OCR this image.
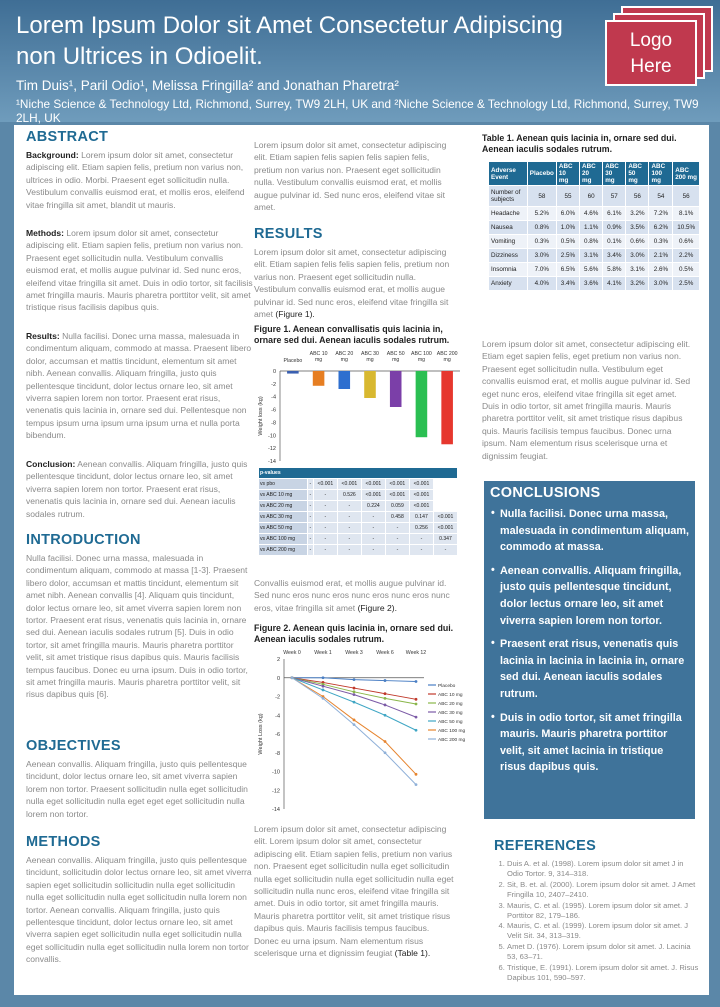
Lorem Ipsum Dolor sit Amet Consectetur Adipiscing non Ultrices in Odioelit.
Tim Duis¹, Paril Odio¹, Melissa Fringilla² and Jonathan Pharetra²
¹Niche Science & Technology Ltd, Richmond, Surrey, TW9 2LH, UK and ²Niche Science & Technology Ltd, Richmond, Surrey, TW9 2LH, UK
Logo Here
ABSTRACT
Background: Lorem ipsum dolor sit amet, consectetur adipiscing elit. Etiam sapien felis, pretium non varius non, ultrices in odio. Morbi. Praesent eget sollicitudin nulla. Vestibulum convallis euismod erat, et mollis eros, eleifend vitae fringilla sit amet, blandit ut mauris.
Methods: Lorem ipsum dolor sit amet, consectetur adipiscing elit. Etiam sapien felis, pretium non varius non. Praesent eget sollicitudin nulla. Vestibulum convallis euismod erat, et mollis augue pulvinar id. Sed nunc eros, eleifend vitae fringilla sit amet. Duis in odio tortor, sit facilisis amet fringilla mauris. Mauris pharetra porttitor velit, sit amet tristique risus facilisis dapibus quis.
Results: Nulla facilisi. Donec urna massa, malesuada in condimentum aliquam, commodo at massa. Praesent libero dolor, accumsan et mattis tincidunt, elementum sit amet nibh. Aenean convallis. Aliquam fringilla, justo quis pellentesque tincidunt, dolor lectus ornare leo, sit amet viverra sapien lorem non tortor. Praesent erat risus, venenatis quis lacinia in, ornare sed dui. Pellentesque non tempus ipsum urna ipsum urna ipsum urna et nulla porta bibendum.
Conclusion: Aenean convallis. Aliquam fringilla, justo quis pellentesque tincidunt, dolor lectus ornare leo, sit amet viverra sapien lorem non tortor. Praesent erat risus, venenatis quis lacinia in, ornare sed dui. Aenean iaculis sodales rutrum.
INTRODUCTION
Nulla facilisi. Donec urna massa, malesuada in condimentum aliquam, commodo at massa [1-3]. Praesent libero dolor, accumsan et mattis tincidunt, elementum sit amet nibh. Aenean convallis [4]. Aliquam quis tincidunt, dolor lectus ornare leo, sit amet viverra sapien lorem non tortor. Praesent erat risus, venenatis quis lacinia in, ornare sed dui. Aenean iaculis sodales rutrum [5]. Duis in odio tortor, sit amet fringilla mauris. Mauris pharetra porttitor velit, sit amet tristique risus dapibus quis. Mauris facilisis tempus faucibus. Donec eu urna ipsum. Duis in odio tortor, sit amet fringilla mauris. Mauris pharetra porttitor velit, sit risus dapibus quis [6].
OBJECTIVES
Aenean convallis. Aliquam fringilla, justo quis pellentesque tincidunt, dolor lectus ornare leo, sit amet viverra sapien lorem non tortor. Praesent sollicitudin nulla eget sollicitudin nulla eget sollicitudin nulla eget eget eget sollicitudin nulla lorem non tortor.
METHODS
Aenean convallis. Aliquam fringilla, justo quis pellentesque tincidunt, sollicitudin dolor lectus ornare leo, sit amet viverra sapien eget sollicitudin sollicitudin nulla eget sollicitudin nulla eget sollicitudin nulla eget sollicitudin nulla lorem non tortor. Aenean convallis. Aliquam fringilla, justo quis pellentesque tincidunt, dolor lectus ornare leo, sit amet viverra sapien eget sollicitudin nulla eget sollicitudin nulla eget sollicitudin nulla eget sollicitudin nulla lorem non tortor convallis.
Lorem ipsum dolor sit amet, consectetur adipiscing elit. Etiam sapien felis sapien felis sapien felis, pretium non varius non. Praesent eget sollicitudin nulla. Vestibulum convallis euismod erat, et mollis augue pulvinar id. Sed nunc eros, eleifend vitae sit amet.
RESULTS
Lorem ipsum dolor sit amet, consectetur adipiscing elit. Etiam sapien felis felis sapien felis, pretium non varius non. Praesent eget sollicitudin nulla. Vestibulum convallis euismod erat, et mollis augue pulvinar id. Sed nunc eros, eleifend vitae fringilla sit amet (Figure 1).
Figure 1. Aenean convallisatis quis lacinia in, ornare sed dui. Aenean iaculis sodales rutrum.
0
-2
-4
-6
-8
-10
-12
-14
Weight loss (kg)
Placebo
ABC 10 mg
ABC 20 mg
ABC 30 mg
ABC 50 mg
ABC 100 mg
ABC 200 mg
p-values							
vs pbo	-	<0.001	<0.001	<0.001	<0.001	<0.001	
vs ABC 10 mg	-	-	0.526	<0.001	<0.001	<0.001	
vs ABC 20 mg	-	-	-	0.224	0.059	<0.001	
vs ABC 30 mg	-	-	-	-	0.458	0.147	<0.001
vs ABC 50 mg	-	-	-	-	-	0.256	<0.001
vs ABC 100 mg	-	-	-	-	-	-	0.347
vs ABC 200 mg	-	-	-	-	-	-	-
Convallis euismod erat, et mollis augue pulvinar id. Sed nunc eros nunc eros nunc eros nunc eros nunc eros, vitae fringilla sit amet (Figure 2).
Figure 2. Aenean quis lacinia in, ornare sed dui. Aenean iaculis sodales rutrum.
2
0
-2
-4
-6
-8
-10
-12
-14
Weight Loss (kg)
Week 0	Week 1	Week 3	Week 6 Week 12
Placebo
ABC 10 mg
ABC 20 mg
ABC 30 mg
ABC 50 mg
ABC 100 mg
ABC 200 mg
Lorem ipsum dolor sit amet, consectetur adipiscing elit. Lorem ipsum dolor sit amet, consectetur adipiscing elit. Etiam sapien felis, pretium non varius non. Praesent eget sollicitudin nulla eget sollicitudin nulla eget sollicitudin nulla eget sollicitudin nulla eget sollicitudin nulla nunc eros, eleifend vitae fringilla sit amet. Duis in odio tortor, sit amet fringilla mauris. Mauris pharetra porttitor velit, sit amet tristique risus dapibus quis. Mauris facilisis tempus faucibus. Donec eu urna ipsum. Nam elementum risus scelerisque urna et dignissim feugiat (Table 1).
Table 1. Aenean quis lacinia in, ornare sed dui. Aenean iaculis sodales rutrum.
Adverse Event	Placebo	ABC 10 mg	ABC 20 mg	ABC 30 mg	ABC 50 mg	ABC 100 mg	ABC 200 mg
Number of subjects	58	55	60	57	56	54	56
Headache	5.2%	6.0%	4.6%	6.1%	3.2%	7.2%	8.1%
Nausea	0.8%	1.0%	1.1%	0.9%	3.5%	6.2%	10.5%
Vomiting	0.3%	0.5%	0.8%	0.1%	0.6%	0.3%	0.6%
Dizziness	3.0%	2.5%	3.1%	3.4%	3.0%	2.1%	2.2%
Insomnia	7.0%	6.5%	5.6%	5.8%	3.1%	2.6%	0.5%
Anxiety	4.0%	3.4%	3.6%	4.1%	3.2%	3.0%	2.5%
Lorem ipsum dolor sit amet, consectetur adipiscing elit. Etiam eget sapien felis, eget pretium non varius non. Praesent eget sollicitudin nulla. Vestibulum eget convallis euismod erat, et mollis augue pulvinar id. Sed eget nunc eros, eleifend vitae fringilla sit eget amet. Duis in odio tortor, sit amet fringilla mauris. Mauris pharetra porttitor velit, sit amet tristique risus dapibus quis. Mauris facilisis tempus faucibus. Donec urna ipsum. Nam elementum risus scelerisque urna et dignissim feugiat.
CONCLUSIONS
• Nulla facilisi. Donec urna massa, malesuada in condimentum aliquam, commodo at massa.
• Aenean convallis. Aliquam fringilla, justo quis pellentesque tincidunt, dolor lectus ornare leo, sit amet viverra sapien lorem non tortor.
• Praesent erat risus, venenatis quis lacinia in lacinia in lacinia in, ornare sed dui. Aenean iaculis sodales rutrum.
• Duis in odio tortor, sit amet fringilla mauris. Mauris pharetra porttitor velit, sit amet lacinia in tristique risus dapibus quis.
REFERENCES
1. Duis A. et al. (1998). Lorem ipsum dolor sit amet J in Odio Tortor. 9, 314–318.
2. Sit, B. et. al. (2000). Lorem ipsum dolor sit amet. J Amet Fringilla 10, 2407–2410.
3. Mauris, C. et al. (1995). Lorem ipsum dolor sit amet. J Porttitor 82, 179–186.
4. Mauris, C. et al. (1999). Lorem ipsum dolor sit amet. J Velit Sit. 34, 313–319.
5. Amet D. (1976). Lorem ipsum dolor sit amet. J. Lacinia 53, 63–71.
6. Tristique, E. (1991). Lorem ipsum dolor sit amet. J. Risus Dapibus 101, 590–597.
